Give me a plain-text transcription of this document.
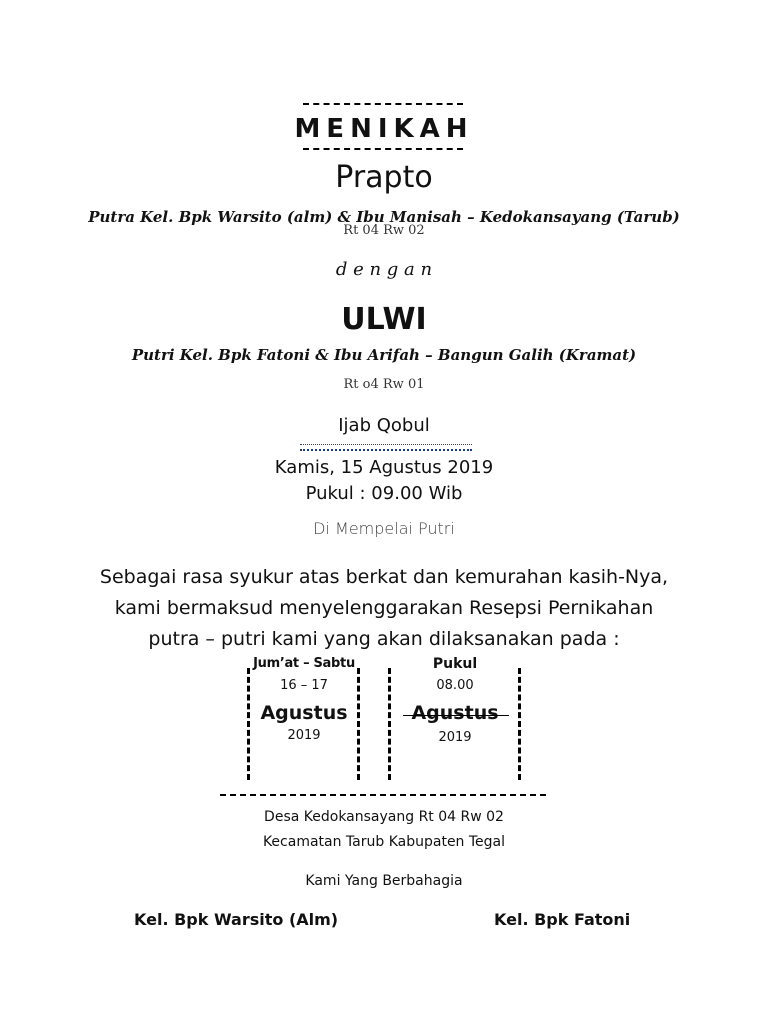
MENIKAH
Prapto
Putra Kel. Bpk Warsito (alm) & Ibu Manisah – Kedokansayang (Tarub)
Rt 04 Rw 02
d e n g a n
ULWI
Putri Kel. Bpk Fatoni & Ibu Arifah – Bangun Galih (Kramat)
Rt o4 Rw 01
Ijab Qobul
Kamis, 15 Agustus 2019
Pukul : 09.00 Wib
Di Mempelai Putri
Sebagai rasa syukur atas berkat dan kemurahan kasih-Nya,
kami bermaksud menyelenggarakan Resepsi Pernikahan
putra – putri kami yang akan dilaksanakan pada :
Jum’at – Sabtu
16 – 17
Agustus
2019
Pukul
08.00
Agustus
2019
Desa Kedokansayang Rt 04 Rw 02
Kecamatan Tarub Kabupaten Tegal
Kami Yang Berbahagia
Kel. Bpk Warsito (Alm)	Kel. Bpk Fatoni
